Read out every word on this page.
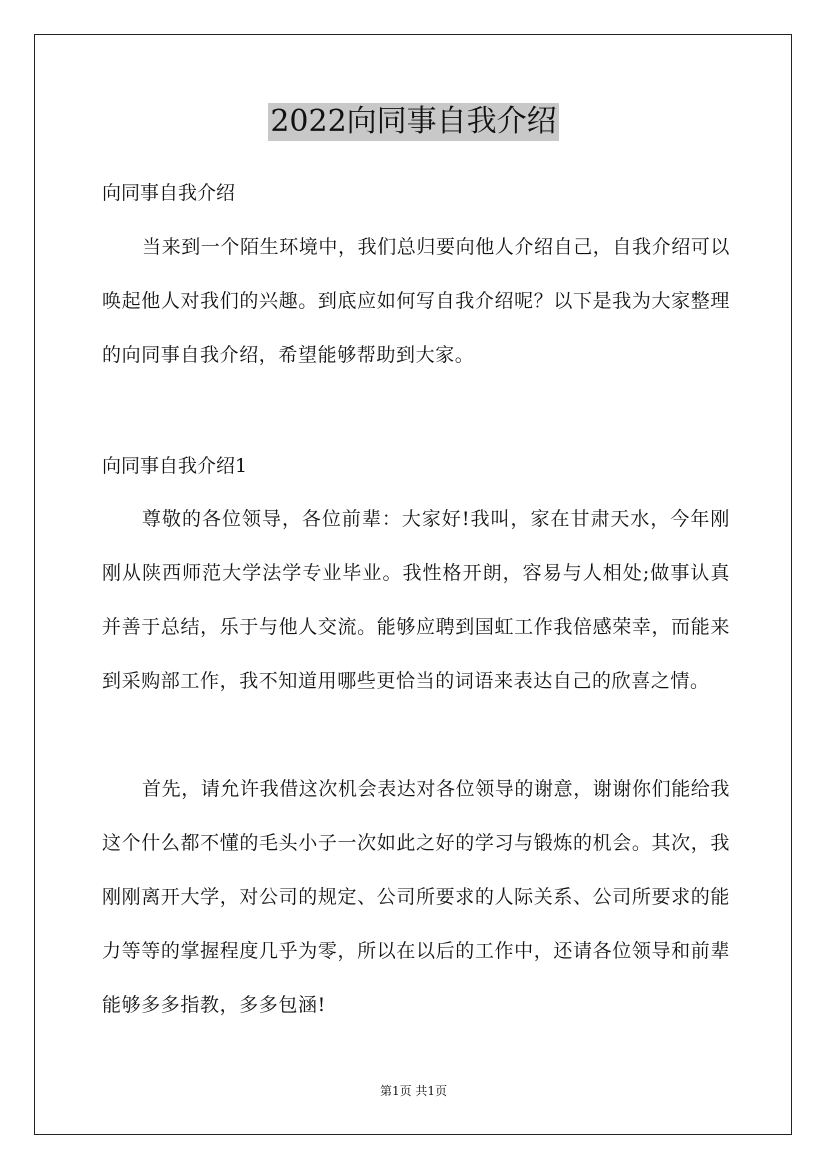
2022向同事自我介绍
向同事自我介绍

当来到一个陌生环境中，我们总归要向他人介绍自己，自我介绍可以唤起他人对我们的兴趣。到底应如何写自我介绍呢？以下是我为大家整理的向同事自我介绍，希望能够帮助到大家。

向同事自我介绍1

尊敬的各位领导，各位前辈：大家好!我叫，家在甘肃天水，今年刚刚从陕西师范大学法学专业毕业。我性格开朗，容易与人相处;做事认真并善于总结，乐于与他人交流。能够应聘到国虹工作我倍感荣幸，而能来到采购部工作，我不知道用哪些更恰当的词语来表达自己的欣喜之情。

首先，请允许我借这次机会表达对各位领导的谢意，谢谢你们能给我这个什么都不懂的毛头小子一次如此之好的学习与锻炼的机会。其次，我刚刚离开大学，对公司的规定、公司所要求的人际关系、公司所要求的能力等等的掌握程度几乎为零，所以在以后的工作中，还请各位领导和前辈能够多多指教，多多包涵!

第1页 共1页
